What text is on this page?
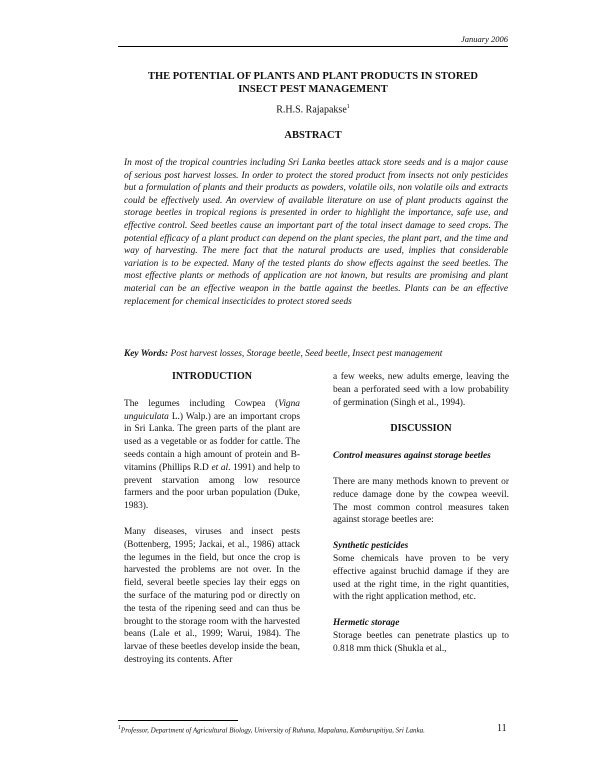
January 2006
THE POTENTIAL OF PLANTS AND PLANT PRODUCTS IN STORED
INSECT PEST MANAGEMENT
R.H.S. Rajapakse$^1$
ABSTRACT
In most of the tropical countries including Sri Lanka beetles attack store seeds and is a major cause of serious post harvest losses. In order to protect the stored product from insects not only pesticides but a formulation of plants and their products as powders, volatile oils, non volatile oils and extracts could be effectively used. An overview of available literature on use of plant products against the storage beetles in tropical regions is presented in order to highlight the importance, safe use, and effective control. Seed beetles cause an important part of the total insect damage to seed crops. The potential efficacy of a plant product can depend on the plant species, the plant part, and the time and way of harvesting. The mere fact that the natural products are used, implies that considerable variation is to be expected. Many of the tested plants do show effects against the seed beetles. The most effective plants or methods of application are not known, but results are promising and plant material can be an effective weapon in the battle against the beetles. Plants can be an effective replacement for chemical insecticides to protect stored seeds
Key Words: Post harvest losses, Storage beetle, Seed beetle, Insect pest management
INTRODUCTION

The legumes including Cowpea (Vigna unguiculata L.) Walp.) are an important crops in Sri Lanka. The green parts of the plant are used as a vegetable or as fodder for cattle. The seeds contain a high amount of protein and B-vitamins (Phillips R.D et al. 1991) and help to prevent starvation among low resource farmers and the poor urban population (Duke, 1983).

Many diseases, viruses and insect pests (Bottenberg, 1995; Jackai, et al., 1986) attack the legumes in the field, but once the crop is harvested the problems are not over. In the field, several beetle species lay their eggs on the surface of the maturing pod or directly on the testa of the ripening seed and can thus be brought to the storage room with the harvested beans (Lale et al., 1999; Warui, 1984). The larvae of these beetles develop inside the bean, destroying its contents. After

a few weeks, new adults emerge, leaving the bean a perforated seed with a low probability of germination (Singh et al., 1994).

DISCUSSION

Control measures against storage beetles

There are many methods known to prevent or reduce damage done by the cowpea weevil. The most common control measures taken against storage beetles are:

Synthetic pesticides

Some chemicals have proven to be very effective against bruchid damage if they are used at the right time, in the right quantities, with the right application method, etc.

Hermetic storage

Storage beetles can penetrate plastics up to 0.818 mm thick (Shukla et al.,

$^1$Professor, Department of Agricultural Biology, University of Ruhuna, Mapalana, Kamburupitiya, Sri Lanka.	11
